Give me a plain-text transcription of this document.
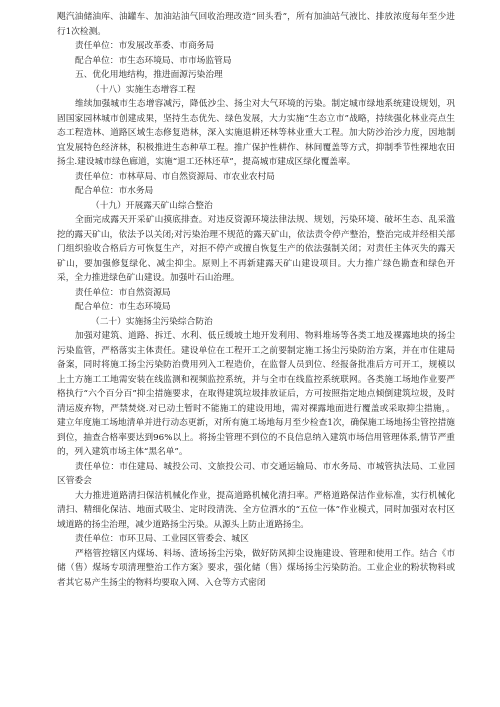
飓汽油储油库、油罐车、加油站油气回收治理改造“回头看”，所有加油站气液比、排放浓度每年至少进行1次检测。

责任单位：市发展改革委、市商务局

配合单位：市生态环境局、市市场监管局

五、优化用地结构，推进面源污染治理

（十八）实施生态增容工程

维续加强城市生态增容减污，降低沙尘、扬尘对大气环境的污染。制定城市绿地系统建设规划，巩固国家园林城市创建成果，坚持生态优先、绿色发展，大力实施“生态立市”战略，持续强化林业亮点生态工程造林、道路区域生态修复造林，深入实施退耕还林等林业重大工程。加大防沙治沙力度，因地制宜发展特色经济林，积极推进生态种草工程。推广保护性耕作、林间覆盖等方式，抑制季节性裸地农田扬尘.建设城市绿色廊道，实施“退工还林还草”，提高城市建成区绿化覆盖率。

责任单位：市林草局、市自然资源局、市农业农村局

配合单位：市水务局

（十九）开展露天矿山综合整治

全面完成露天开采矿山摸底排查。对违反资源环境法律法规、规划，污染环境、破坏生态、乱采滥挖的露天矿山，依法予以关闭;对污染治理不规范的露天矿山，依法责令停产整治，整治完成并经相关部门组织验收合格后方可恢复生产，对拒不停产或擅自恢复生产的依法强制关闭；对责任主体灭失的露天矿山，要加强修复绿化、减尘抑尘。原则上不再新建露天矿山建设项目。大力推广绿色勘查和绿色开采，全力推进绿色矿山建设。加强叶石山治理。

责任单位：市自然资源局

配合单位：市生态环境局

（二十）实施扬尘污染综合防治

加强对建筑、道路、拆迁、水利、低丘缓坡土地开发利用、物料堆场等各类工地及裸露地块的扬尘污染监管，严格落实主体责任。建设单位在工程开工之前要制定施工扬尘污染防治方案，并在市住建局备案，同时将施工扬尘污染防治费用列入工程造价，在监督人员到位、经报备批准后方可开工，规模以上土方施工工地需安装在线监测和视频监控系统，并与全市在线监控系统联网。各类施工场地作业要严格执行“六个百分百”抑尘措施要求，在取得建筑垃圾排放证后，方可按照指定地点倾倒建筑垃圾，及时清运废弃物，严禁焚烧.对已动土暂时不能施工的建设用地，需对裸露地面进行覆盖或采取抑尘措施，。建立年度施工场地清单并进行动态更新，对所有施工场地每月至少检查1次，确保施工场地扬尘管控措施到位，抽查合格率要达到96%以上。将扬尘管理不到位的不良信息纳入建筑市场信用管理体系,情节严重的，列入建筑市场主体“黑名单”。

责任单位：市住建局、城投公司、文旅投公司、市交通运输局、市水务局、市城管执法局、工业园区管委会

大力推进道路清扫保洁机械化作业，提高道路机械化清扫率。严格道路保洁作业标准，实行机械化清扫、精细化保洁、地面式吸尘、定时段清洗、全方位洒水的“五位一体”作业模式，同时加强对农村区域道路的扬尘治理，减少道路扬尘污染。从源头上防止道路扬尘。

责任单位：市环卫局、工业园区管委会、城区

严格管控辖区内煤场、料场、渣场扬尘污染，做好防风抑尘设施建设、管理和使用工作。结合《市储（售）煤场专项清理整治工作方案》要求，强化储（售）煤场扬尘污染防治。工业企业的粉状物料或者其它易产生扬尘的物料均要取入网、入仓等方式密闭
